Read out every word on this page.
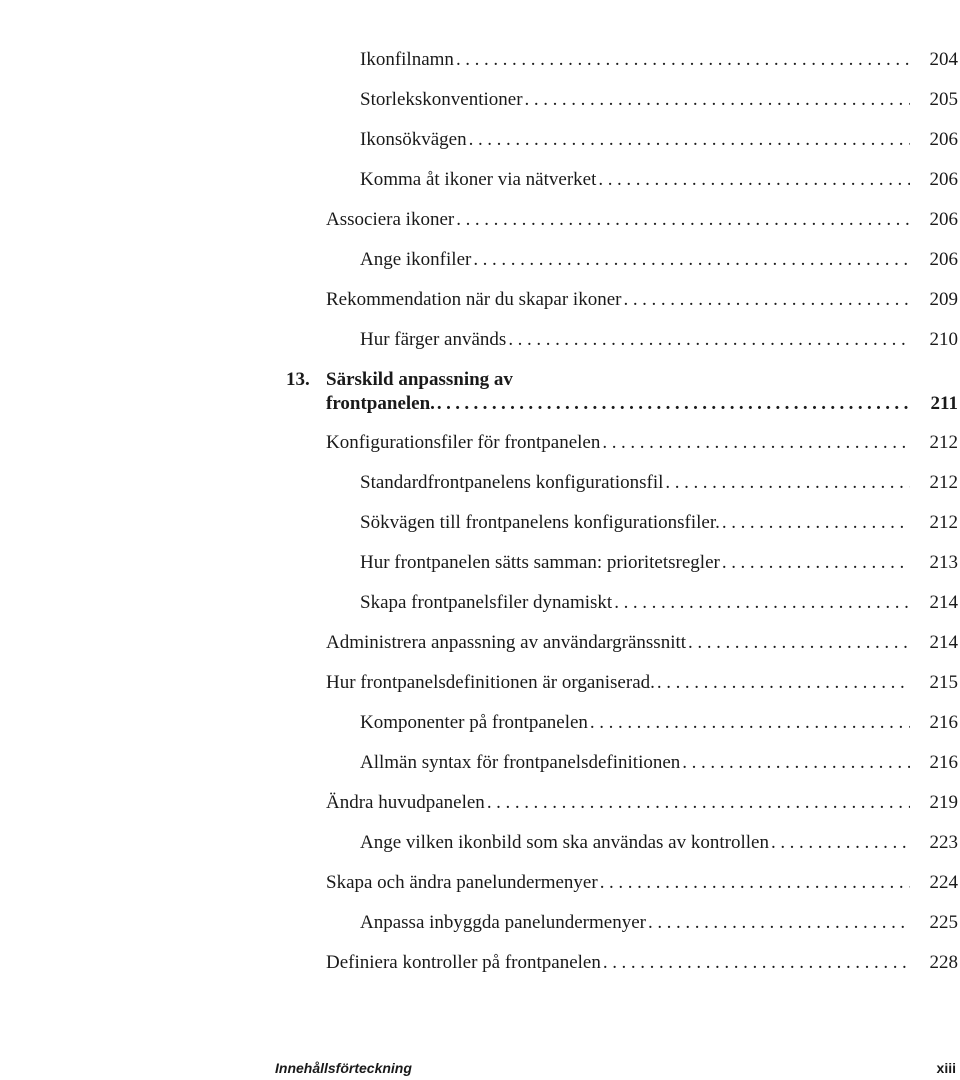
Ikonfilnamn .....	204
Storlekskonventioner .....	205
Ikonsökvägen .....	206
Komma åt ikoner via nätverket .....	206
Associera ikoner .....	206
Ange ikonfiler .....	206
Rekommendation när du skapar ikoner .....	209
Hur färger används .....	210
13. Särskild anpassning av
frontpanelen. .....	211
Konfigurationsfiler för frontpanelen .....	212
Standardfrontpanelens konfigurationsfil .....	212
Sökvägen till frontpanelens konfigurationsfiler. .....	212
Hur frontpanelen sätts samman: prioritetsregler .....	213
Skapa frontpanelsfiler dynamiskt .....	214
Administrera anpassning av användargränssnitt .....	214
Hur frontpanelsdefinitionen är organiserad. .....	215
Komponenter på frontpanelen .....	216
Allmän syntax för frontpanelsdefinitionen .....	216
Ändra huvudpanelen .....	219
Ange vilken ikonbild som ska användas av kontrollen .....	223
Skapa och ändra panelundermenyer .....	224
Anpassa inbyggda panelundermenyer .....	225
Definiera kontroller på frontpanelen .....	228
Innehållsförteckning	xiii
